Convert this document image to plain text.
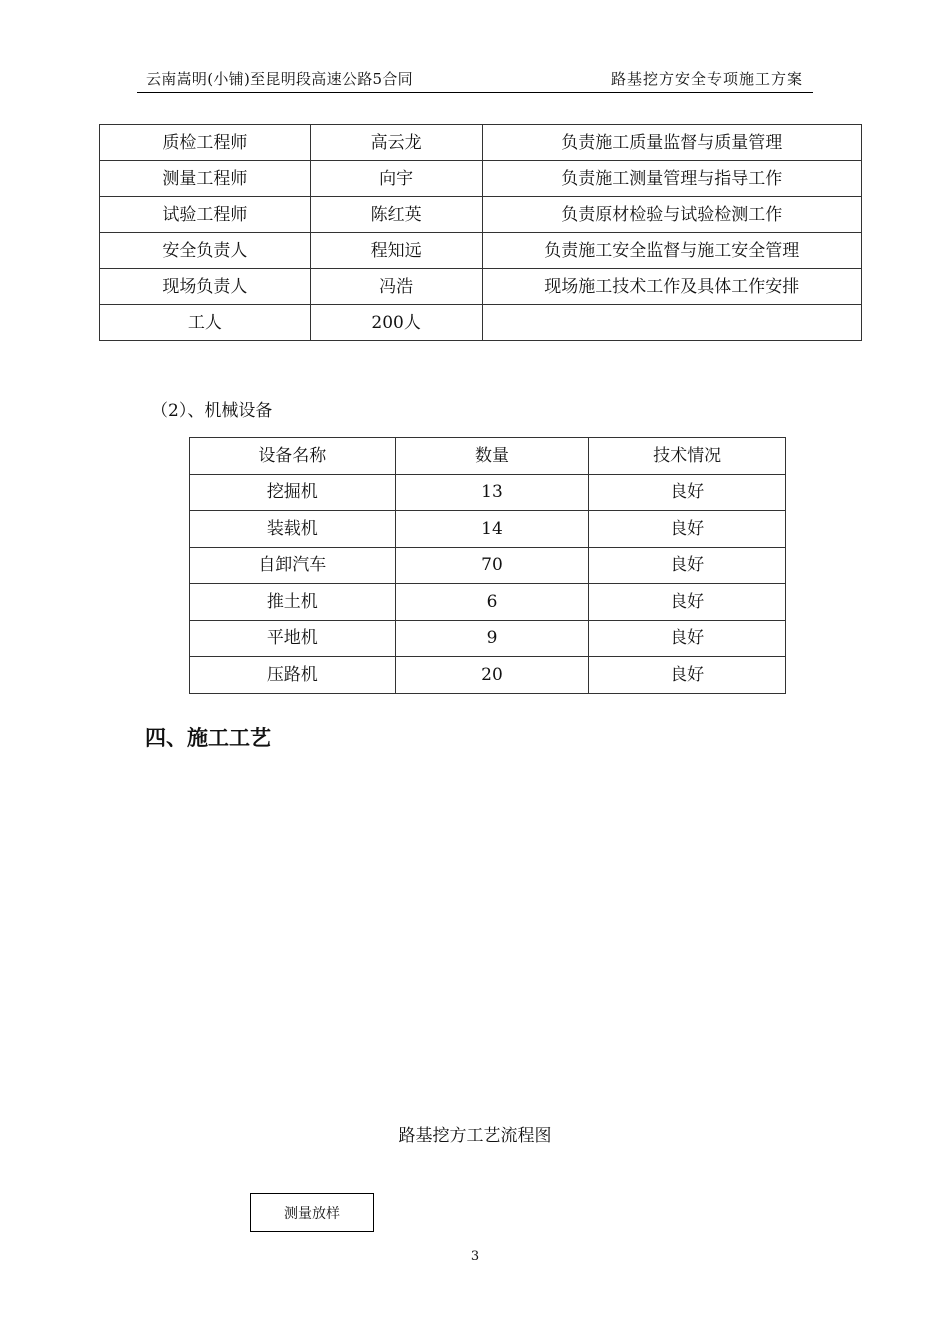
云南嵩明(小铺)至昆明段高速公路5合同	路基挖方安全专项施工方案
质检工程师	高云龙	负责施工质量监督与质量管理
测量工程师	向宇	负责施工测量管理与指导工作
试验工程师	陈红英	负责原材检验与试验检测工作
安全负责人	程知远	负责施工安全监督与施工安全管理
现场负责人	冯浩	现场施工技术工作及具体工作安排
工人	200人	
（2）、机械设备
设备名称	数量	技术情况
挖掘机	13	良好
装载机	14	良好
自卸汽车	70	良好
推土机	6	良好
平地机	9	良好
压路机	20	良好
四、施工工艺
路基挖方工艺流程图
测量放样
3
